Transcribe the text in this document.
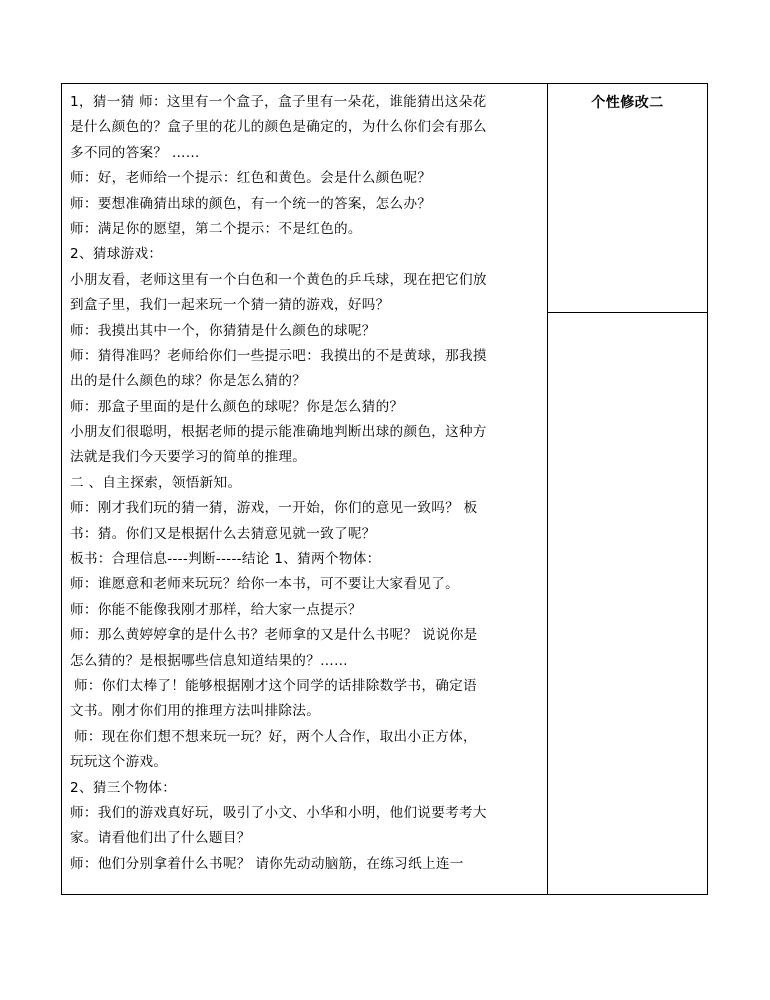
1，猜一猜 师：这里有一个盒子，盒子里有一朵花，谁能猜出这朵花
是什么颜色的？盒子里的花儿的颜色是确定的，为什么你们会有那么
多不同的答案？ ……
师：好，老师给一个提示：红色和黄色。会是什么颜色呢？
师：要想准确猜出球的颜色，有一个统一的答案，怎么办？
师：满足你的愿望，第二个提示：不是红色的。
2、猜球游戏：
小朋友看，老师这里有一个白色和一个黄色的乒乓球，现在把它们放
到盒子里，我们一起来玩一个猜一猜的游戏，好吗？
师：我摸出其中一个，你猜猜是什么颜色的球呢？
师：猜得准吗？老师给你们一些提示吧：我摸出的不是黄球，那我摸
出的是什么颜色的球？你是怎么猜的？
师：那盒子里面的是什么颜色的球呢？你是怎么猜的？
小朋友们很聪明，根据老师的提示能准确地判断出球的颜色，这种方
法就是我们今天要学习的简单的推理。
二 、自主探索，领悟新知。
师：刚才我们玩的猜一猜，游戏，一开始，你们的意见一致吗？ 板
书：猜。你们又是根据什么去猜意见就一致了呢？
板书：合理信息----判断-----结论 1、猜两个物体：
师：谁愿意和老师来玩玩？给你一本书，可不要让大家看见了。
师：你能不能像我刚才那样，给大家一点提示？
师：那么黄婷婷拿的是什么书？老师拿的又是什么书呢？ 说说你是
怎么猜的？是根据哪些信息知道结果的？……
师：你们太棒了！能够根据刚才这个同学的话排除数学书，确定语
文书。刚才你们用的推理方法叫排除法。
师：现在你们想不想来玩一玩？好，两个人合作，取出小正方体，
玩玩这个游戏。
2、猜三个物体：
师：我们的游戏真好玩，吸引了小文、小华和小明，他们说要考考大
家。请看他们出了什么题目？
师：他们分别拿着什么书呢？ 请你先动动脑筋，在练习纸上连一
个性修改二
